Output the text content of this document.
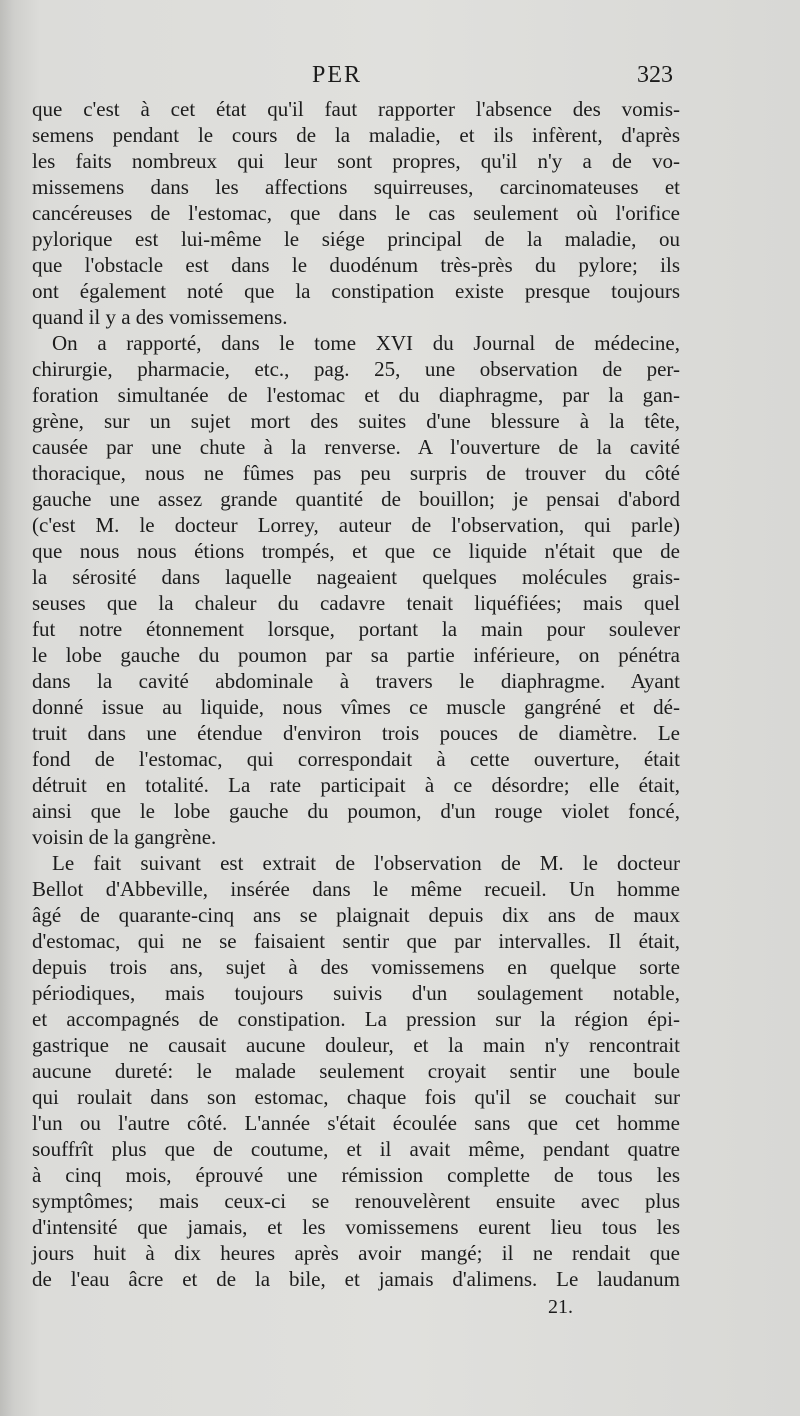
PER	323
que c'est à cet état qu'il faut rapporter l'absence des vomis-
semens pendant le cours de la maladie, et ils infèrent, d'après
les faits nombreux qui leur sont propres, qu'il n'y a de vo-
missemens dans les affections squirreuses, carcinomateuses et
cancéreuses de l'estomac, que dans le cas seulement où l'orifice
pylorique est lui-même le siége principal de la maladie, ou
que l'obstacle est dans le duodénum très-près du pylore; ils
ont également noté que la constipation existe presque toujours
quand il y a des vomissemens.
On a rapporté, dans le tome XVI du Journal de médecine,
chirurgie, pharmacie, etc., pag. 25, une observation de per-
foration simultanée de l'estomac et du diaphragme, par la gan-
grène, sur un sujet mort des suites d'une blessure à la tête,
causée par une chute à la renverse. A l'ouverture de la cavité
thoracique, nous ne fûmes pas peu surpris de trouver du côté
gauche une assez grande quantité de bouillon; je pensai d'abord
(c'est M. le docteur Lorrey, auteur de l'observation, qui parle)
que nous nous étions trompés, et que ce liquide n'était que de
la sérosité dans laquelle nageaient quelques molécules grais-
seuses que la chaleur du cadavre tenait liquéfiées; mais quel
fut notre étonnement lorsque, portant la main pour soulever
le lobe gauche du poumon par sa partie inférieure, on pénétra
dans la cavité abdominale à travers le diaphragme. Ayant
donné issue au liquide, nous vîmes ce muscle gangréné et dé-
truit dans une étendue d'environ trois pouces de diamètre. Le
fond de l'estomac, qui correspondait à cette ouverture, était
détruit en totalité. La rate participait à ce désordre; elle était,
ainsi que le lobe gauche du poumon, d'un rouge violet foncé,
voisin de la gangrène.
Le fait suivant est extrait de l'observation de M. le docteur
Bellot d'Abbeville, insérée dans le même recueil. Un homme
âgé de quarante-cinq ans se plaignait depuis dix ans de maux
d'estomac, qui ne se faisaient sentir que par intervalles. Il était,
depuis trois ans, sujet à des vomissemens en quelque sorte
périodiques, mais toujours suivis d'un soulagement notable,
et accompagnés de constipation. La pression sur la région épi-
gastrique ne causait aucune douleur, et la main n'y rencontrait
aucune dureté: le malade seulement croyait sentir une boule
qui roulait dans son estomac, chaque fois qu'il se couchait sur
l'un ou l'autre côté. L'année s'était écoulée sans que cet homme
souffrît plus que de coutume, et il avait même, pendant quatre
à cinq mois, éprouvé une rémission complette de tous les
symptômes; mais ceux-ci se renouvelèrent ensuite avec plus
d'intensité que jamais, et les vomissemens eurent lieu tous les
jours huit à dix heures après avoir mangé; il ne rendait que
de l'eau âcre et de la bile, et jamais d'alimens. Le laudanum
21.
